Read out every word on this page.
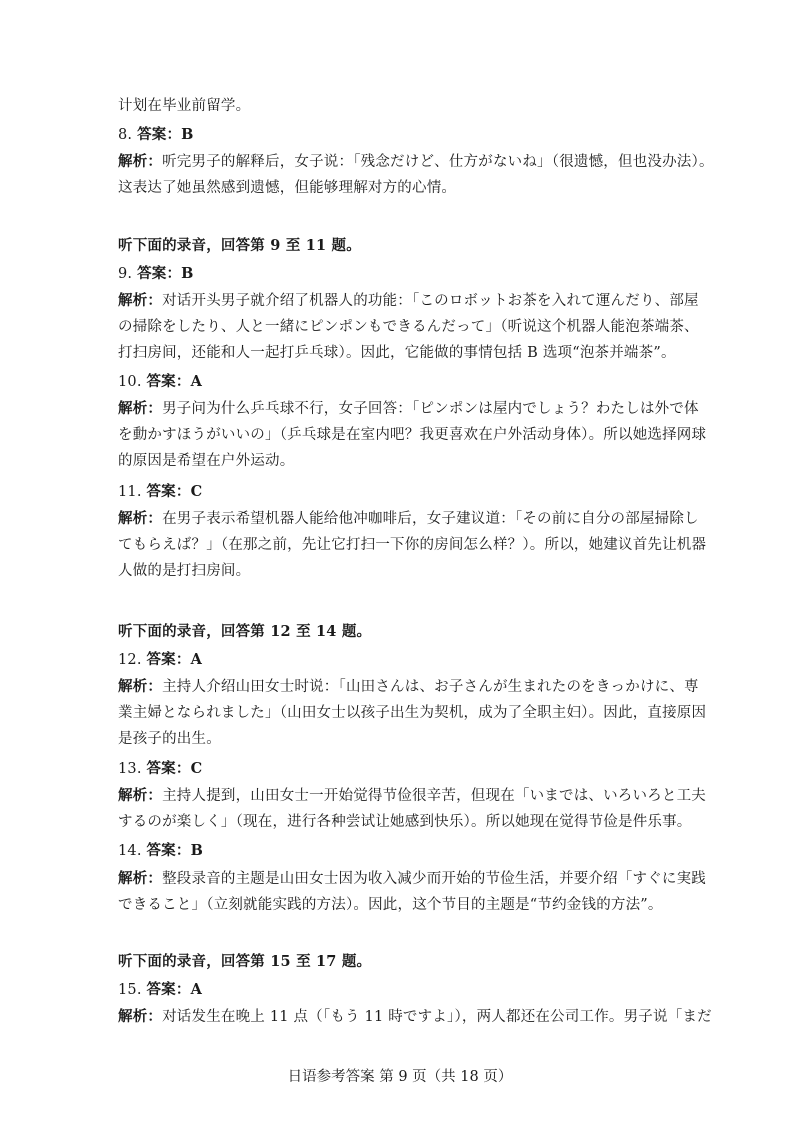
计划在毕业前留学。
8. 答案：B
解析：听完男子的解释后，女子说：「残念だけど、仕方がないね」（很遗憾，但也没办法）。
这表达了她虽然感到遗憾，但能够理解对方的心情。
听下面的录音，回答第 9 至 11 题。
9. 答案：B
解析：对话开头男子就介绍了机器人的功能：「このロボットお茶を入れて運んだり、部屋
の掃除をしたり、人と一緒にピンポンもできるんだって」（听说这个机器人能泡茶端茶、
打扫房间，还能和人一起打乒乓球）。因此，它能做的事情包括 B 选项“泡茶并端茶”。
10. 答案：A
解析：男子问为什么乒乓球不行，女子回答：「ピンポンは屋内でしょう？わたしは外で体
を動かすほうがいいの」（乒乓球是在室内吧？我更喜欢在户外活动身体）。所以她选择网球
的原因是希望在户外运动。
11. 答案：C
解析：在男子表示希望机器人能给他冲咖啡后，女子建议道：「その前に自分の部屋掃除し
てもらえば？」（在那之前，先让它打扫一下你的房间怎么样？）。所以，她建议首先让机器
人做的是打扫房间。
听下面的录音，回答第 12 至 14 题。
12. 答案：A
解析：主持人介绍山田女士时说：「山田さんは、お子さんが生まれたのをきっかけに、専
業主婦となられました」（山田女士以孩子出生为契机，成为了全职主妇）。因此，直接原因
是孩子的出生。
13. 答案：C
解析：主持人提到，山田女士一开始觉得节俭很辛苦，但现在「いまでは、いろいろと工夫
するのが楽しく」（现在，进行各种尝试让她感到快乐）。所以她现在觉得节俭是件乐事。
14. 答案：B
解析：整段录音的主题是山田女士因为收入减少而开始的节俭生活，并要介绍「すぐに実践
できること」（立刻就能实践的方法）。因此，这个节目的主题是“节约金钱的方法”。
听下面的录音，回答第 15 至 17 题。
15. 答案：A
解析：对话发生在晚上 11 点（「もう 11 時ですよ」），两人都还在公司工作。男子说「まだ
日语参考答案 第 9 页（共 18 页）
